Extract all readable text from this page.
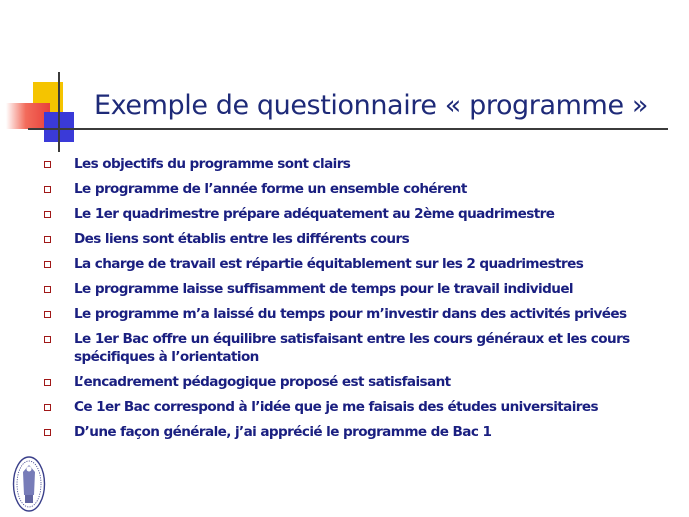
Exemple de questionnaire « programme »
Les objectifs du programme sont clairs
Le programme de l’année forme un ensemble cohérent
Le 1er quadrimestre prépare adéquatement au 2ème quadrimestre
Des liens sont établis entre les différents cours
La charge de travail est répartie équitablement sur les 2 quadrimestres
Le programme laisse suffisamment de temps pour le travail individuel
Le programme m’a laissé du temps pour m’investir dans des activités privées
Le 1er Bac offre un équilibre satisfaisant entre les cours généraux et les cours spécifiques à l’orientation
L’encadrement pédagogique proposé est satisfaisant
Ce 1er Bac correspond à l’idée que je me faisais des études universitaires
D’une façon générale, j’ai apprécié le programme de Bac 1
